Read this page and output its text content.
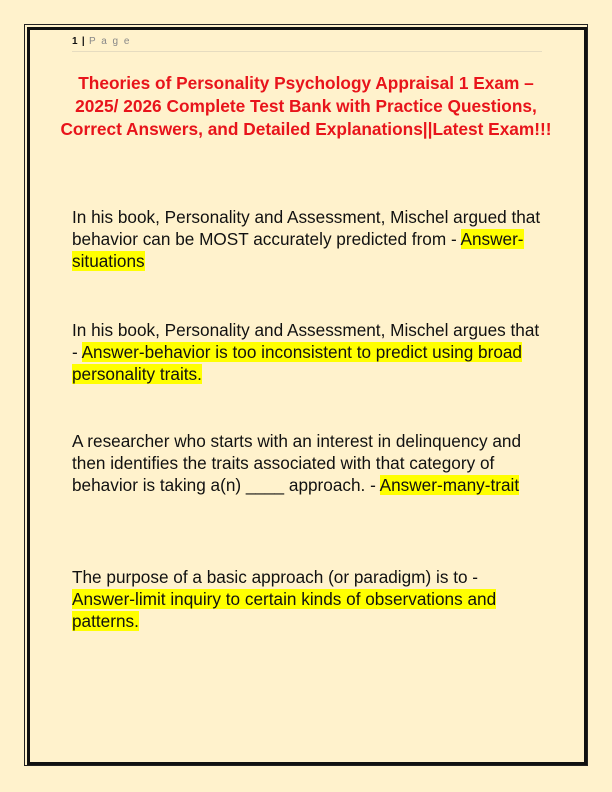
1 | P a g e
Theories of Personality Psychology Appraisal 1 Exam – 2025/ 2026 Complete Test Bank with Practice Questions, Correct Answers, and Detailed Explanations||Latest Exam!!!
In his book, Personality and Assessment, Mischel argued that behavior can be MOST accurately predicted from - Answer-situations
In his book, Personality and Assessment, Mischel argues that - Answer-behavior is too inconsistent to predict using broad personality traits.
A researcher who starts with an interest in delinquency and then identifies the traits associated with that category of behavior is taking a(n) ____ approach. - Answer-many-trait
The purpose of a basic approach (or paradigm) is to - Answer-limit inquiry to certain kinds of observations and patterns.
